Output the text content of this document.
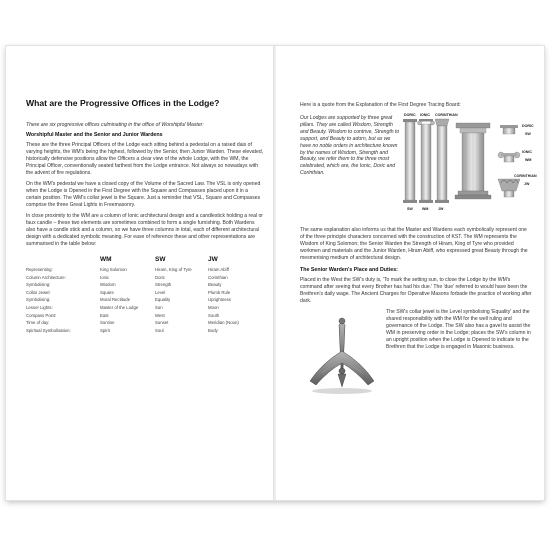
What are the Progressive Offices in the Lodge?
There are six progressive offices culminating in the office of Worshipful Master:
Worshipful Master and the Senior and Junior Wardens

These are the three Principal Officers of the Lodge each sitting behind a pedestal on a raised dais of varying heights, the WM's being the highest, followed by the Senior, then Junior Warden. These elevated, historically defensive positions allow the Officers a clear view of the whole Lodge, with the WM, the Principal Officer, conventionally seated farthest from the Lodge entrance. Not always so nowadays with the advent of fire regulations.

On the WM's pedestal we have a closed copy of the Volume of the Sacred Law. The VSL is only opened when the Lodge is Opened in the First Degree with the Square and Compasses placed upon it in a certain position. The WM's collar jewel is the Square. Just a reminder that VSL, Square and Compasses comprise the three Great Lights in Freemasonry.

In close proximity to the WM are a column of Ionic architectural design and a candlestick holding a real or faux candle – these two elements are sometimes combined to form a single furnishing. Both Wardens also have a candle stick and a column, so we have three columns in total, each of different architectural design with a dedicated symbolic meaning. For ease of reference these and other representations are summarised in the table below:

	WM	SW	JW
Representing:	King Solomon	Hiram, King of Tyre	Hiram Abiff
Column Architecture:	Ionic	Doric	Corinthian
Symbolising:	Wisdom	Strength	Beauty
Collar Jewel:	Square	Level	Plumb Rule
Symbolising:	Moral Rectitude	Equality	Uprightness
Lesser Lights:	Master of the Lodge	Sun	Moon
Compass Point:	East	West	South
Time of day:	Sunrise	Sunset	Meridian (Noon)
Spiritual Symbolisation:	Spirit	Soul	Body

Here is a quote from the Explanation of the First Degree Tracing Board:

Our Lodges are supported by three great pillars. They are called Wisdom, Strength and Beauty. Wisdom to contrive, Strength to support, and Beauty to adorn, but as we have no noble orders in architecture known by the names of Wisdom, Strength and Beauty, we refer them to the three most celebrated, which are, the Ionic, Doric and Corinthian.
DORIC IONIC CORINTHIAN
SW	WM	JW
DORIC
SW
IONIC
WM
CORINTHIAN
JW

The same explanation also informs us that the Master and Wardens each symbolically represent one of the three principle characters concerned with the construction of KST. The WM represents the Wisdom of King Solomon; the Senior Warden the Strength of Hiram, King of Tyre who provided workmen and materials and the Junior Warden, Hiram Abiff, who expressed great Beauty through the mesmerising medium of architectural design.

The Senior Warden's Place and Duties:

Placed in the West the SW's duty is, 'To mark the setting sun, to close the Lodge by the WM's command after seeing that every Brother has had his due.' The 'due' referred to would have been the Brethren's daily wage. The Ancient Charges for Operative Masons forbade the practice of working after dark.

The SW's collar jewel is the Level symbolising 'Equality' and the shared responsibility with the WM for the well ruling and governance of the Lodge. The SW also has a gavel to assist the WM in preserving order in the Lodge; places the SW's column in an upright position when the Lodge is Opened to indicate to the Brethren that the Lodge is engaged in Masonic business.
